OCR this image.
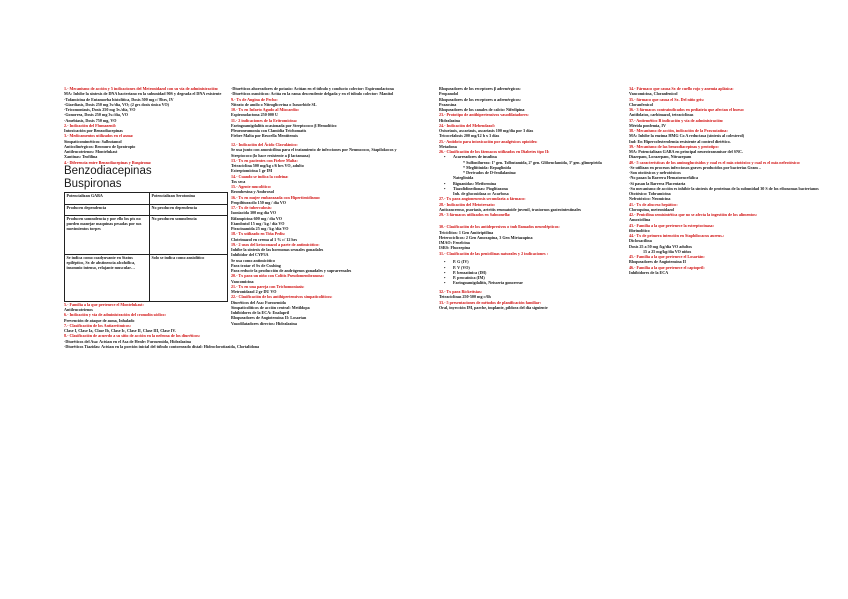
1.- Mecanismo de acción y 5 indicaciones del Metronidazol con su vía de administración:
MA: Inhibe la síntesis de DNA bacteriano en la subunidad 90S y degrada el DNA existente
-Tofamicina de Entamoeba histolítica, Dosis 500 mg c/ 8hrs, IV
-Giardiasis, Dosis 250 mg 3v/día, VO; (2 grs dosis única VO)
-Tricomoniasis, Dosis 250 mg 3v./día, VO
-Gonorrea, Dosis 250 mg 3v./día, VO
-Amebiasis, Dosis 750 mg, VO
2.- Indicación del Flumazenil:
Intoxicación por Benzodiacepinas
3.- Medicamentos utilizados en el asma:
Simpaticomiméticos: Salbutamol
Anticolinérgicos: Bromuro de Ipratropio
Antileucotrienos: Montelukast
Xantinas: Teofilina
4.- Diferencia entre Benzodiacepinas y Buspirona:
Benzodiacepinas
Buspironas
Potencializan GABA	Potencializan Serotonina
Producen dependencia	No producen dependencia
Producen somnolencia y por ello los pts no pueden manejar maquinas pesadas por sus movimientos torpes	No producen somnolencia
Se indica como coadyuvante en Status epiléptico, Sx de abstinencia alcohólica, insomnio intenso, relajante muscular…	Solo se indica como ansiolítico
5.- Familia a la que pertenece el Montelukast:
Antileucotrienos
6.- Indicación y vía de administración del cromolín sódico:
Prevención de ataque de asma, Inhalado
7.- Clasificación de los Antiarritmicos:
Clase I, Clase Ia, Clase Ib, Clase Ic, Clase II, Clase III, Clase IV.
8.- Clasificación de acuerdo a su sitio de acción en la nefrona de los diuréticos:
-Diuréticos del Asa: Actúan en el Asa de Henle: Furosemida, Hidralazina
-Diuréticos Tiazidas: Actúan en la porción inicial del túbulo contorneado distal: Hidroclorotiazida, Clortalidona
-Diuréticos ahorradores de potasio: Actúan en el túbulo y conducto colector: Espironolactona
-Diuréticos osmóticos: Actúa en la rama descendente delgada y en el túbulo colector: Manitol
9.- Tx de Angina de Pecho:
Nitrato de amilo o Nitroglicerina o Isosorbide SL
10.- Tx en Infarto Agudo al Miocardio:
Espironolactona 250 000 U
11.- 2 indicaciones de la Eritromicina:
Faringoamigdalitis ocasionada por Streptococo β Hemolítico
Pleuroneumonía con Clamidia Trichomatis
Fiebre Malta por Brucella Mentitensis
12.- Indicación del Ácido Clavulánico:
Se usa junto con amoxicilina para el tratamiento de infecciones por Neumococo, Stapilokocos y
Streptococo (lo hace resistente a β lactamasa)
13.- Tx en pacientes con Fiebre Malta:
Tetraciclina 500 mg/kg c/6 hrs VO, adulto
Estreptomicina 1 gr IM
14.- Cuando se indica la codeína:
Tos seca
15.- Agente mucolítico:
Bromhexina y Ambroxol
16.- Tx en mujer embarazada con Hipertiroidismo:
Propiltiuracilo 150 mg / día VO
17.- Tx de tuberculosis:
Isoniacida 300 mg día VO
Rifampicina 600 mg / día VO
Etambutol 15 mg / kg / día VO
Piracinamida 25 mg / kg /día VO
18.- Tx utilizado en Tiña Pedis:
Clotrimazol en crema al 1 % c/ 12 hrs
19.- 2 usos del ketoconazol a parte de antimicótico:
Inhibe la síntesis de las hormonas sexuales gonadales
Inhibidor del CYP3A
Se usa como antimicótico
Para tratar el Sx de Cushing
Para reducir la producción de andrógenos gonadales y suprarrenales
20.- Tx para un niño con Colitis Pseudomembranosa:
Vancomicina
21.- Tx en una pareja con Trichomoniasis:
Metronidazol 2 gr DU VO
22.- Clasificación de los antihipertensivos simpaticolíticos:
Diuréticos del Asa: Furosemida
Simpaticolíticos de acción central: Metildopa
Inhibidores de la ECA: Enalapril
Bloqueadores de Angiotensina II: Losartan
Vasodilatadores directos: Hidralazina
Bloqueadores de los receptores β adrenérgicos:
Propanolol
Bloqueadores de los receptores α adrenérgicos:
Prazosina
Bloqueadores de los canales de calcio: Nifedipina
23.- Prototipo de antihipertensivos vasodilatadores:
Hidralazina
24.- Indicación del Mebendazol:
Oxiuriasis, ascariasis, ascariasis 100 mg/día por 3 días
Tricocefalosis 200 mg/12 h x 3 días
25.- Antídoto para intoxicación por analgésicos opioides:
Metadona
26.- Clasificación de los fármacos utilizados en Diabetes tipo II:
• Acarreadores de insulina
* Sulfonilureas: 1º gen. Tolbutamida, 2º gen. Glibenclamida, 3º gen. glimepirida
* Megliitinida: Repaglinida
* Derivados de D-fenilalanina:
Nateglinida
• Biguanidas: Metformina
• Tiazolidinedionas: Pioglitazona
Inh. de glucosidasa α: Acarbosa
27.- Tx para angioneurosis secundaria a fármaco:
28.- Indicación del Metotrexato:
Anticanceroso, psoriasis, artritis reumatoide juvenil, trastornos gastrointestinales
29.- 3 fármacos utilizados en Salmonella:
30.- Clasificación de los antidepresivos o tmb llamados neurolépticos:
Tricíclitos: 1 Gen Amitriptilina
Heterocíclicos: 2 Gen Amoxapina, 3 Gen Mirtazapina
IMAO: Fenelcina
ISRS: Fluoxepina
31.- Clasificación de las penicilinas naturales y 2 indicaciones :
• P. G (IV)
• P. V (VO)
• P. benzatínica (IM)
• P. procaínica (IM)
• Faringoamigdalitis, Neisseria gonorreae
32.- Tx para Rickettsias:
Tetraciclinas 250-500 mg c/6h
33.- 5 presentaciones de métodos de planificación familiar:
Oral, inyección IM, parche, implante, píldora del día siguiente
34.- Fármaco que causa Sx de cuello rojo y anemia aplásica:
Vancomicina, Cloranfenicol
35.- fármaco que causa el Sx. Del niño gris:
Cloranfenicol
36.- 3 fármacos contraindicados en pediatría que afectan el hueso:
Antifolatos, carbimazol, tetraciclinas
37.- Antiemético B indicación y vía de administración:
Mérida ponfemia, IV
38.- Mecanismo de acción, indicación de la Pravastatina:
MA: Inhibe la enzima HMG Co A reductasa (síntesis al colesterol)
Ind: En Hipercolesterolemia resistente al control dietético.
39.- Mecanismo de las benzodiacepinas y prototipo:
MA: Potencializan GABA en principal neurotransmisor del SNC.
Diazepam, Lorazepam, Nitrazepam
40.- 5 características de los aminoglucósidos y cual es el más ototóxico y cual es el más nefrotóxico:
-Se utilizan en procesos infecciosos graves producidos por bacterias Gram –
-Son ototóxicos y nefrotóxicos
-No pasan la Barrera Hematoencefálica
-Sí pasan la Barrera Placentaria
-Su mecanismo de acción es inhibir la síntesis de proteínas de la subunidad 30 S de los ribosomas bacterianos
Ototóxico: Tobramicina
Nefrotóxico: Neomicina
41.- Tx de absceso hepático:
Cloroquina, metronidazol
42.- Penicilina semisintética que no se afecta la ingestión de los alimentos:
Amoxicilina
43.- Familia a la que pertenece la estreptocinasa:
fibrinolítico
44.- Tx de primera intención en Staphilocacus aureus.:
Dicloxacilina
Dosis 25 a 50 mg /kg/día VO adultos
15 a 25 mg/kg/día VO niños
45.- Familia a la que pertenece el Losartán:
Bloqueadores de Angiotensina II
46.- Familia a la que pertenece el captopril:
Inhibidores de la ECA
